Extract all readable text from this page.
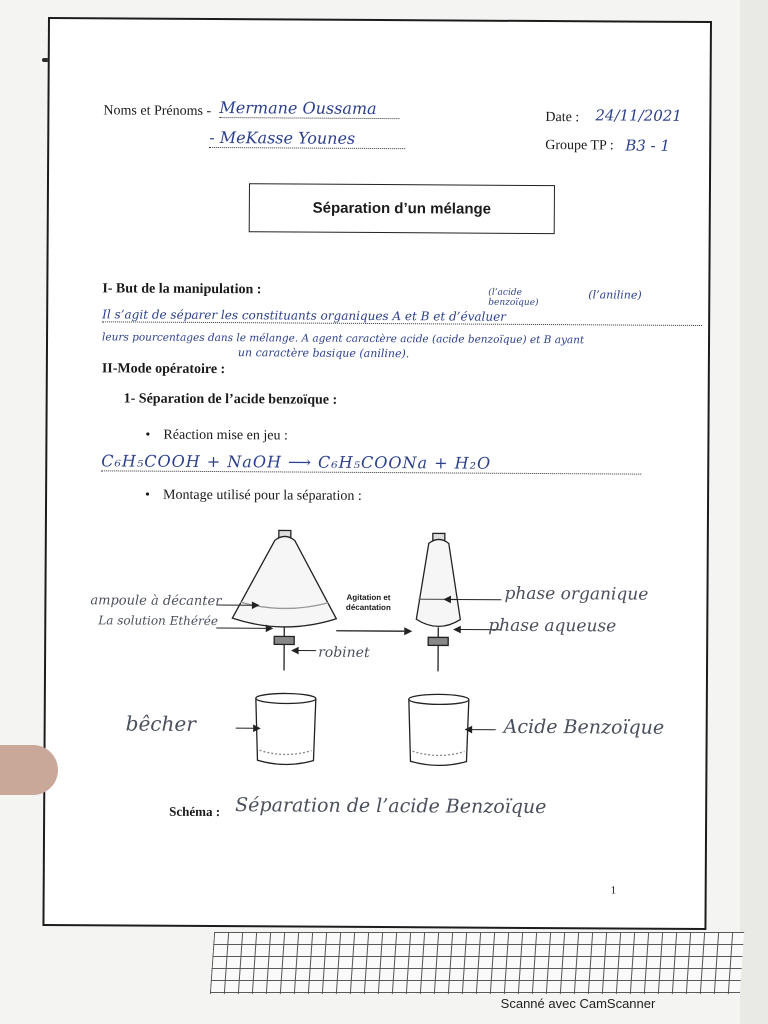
Noms et Prénoms - Mermane Oussama
- MeKasse Younes
Date : 24/11/2021
Groupe TP : B3 - 1
Séparation d’un mélange
I- But de la manipulation :	(l’acide benzoïque)
(l’aniline)
Il s’agit de séparer les constituants organiques A et B et d’évaluer
leurs pourcentages dans le mélange. A agent caractère acide (acide benzoïque) et B ayant
un caractère basique (aniline).
II-Mode opératoire :
1- Séparation de l’acide benzoïque :
• Réaction mise en jeu :
C₆H₅COOH + NaOH ⟶ C₆H₅COONa + H₂O
• Montage utilisé pour la séparation :
Agitation et décantation
ampoule à décanter
La solution Ethérée
robinet
phase organique
phase aqueuse
bêcher	Acide Benzoïque
Schéma : Séparation de l’acide Benzoïque
1
Scanné avec CamScanner
